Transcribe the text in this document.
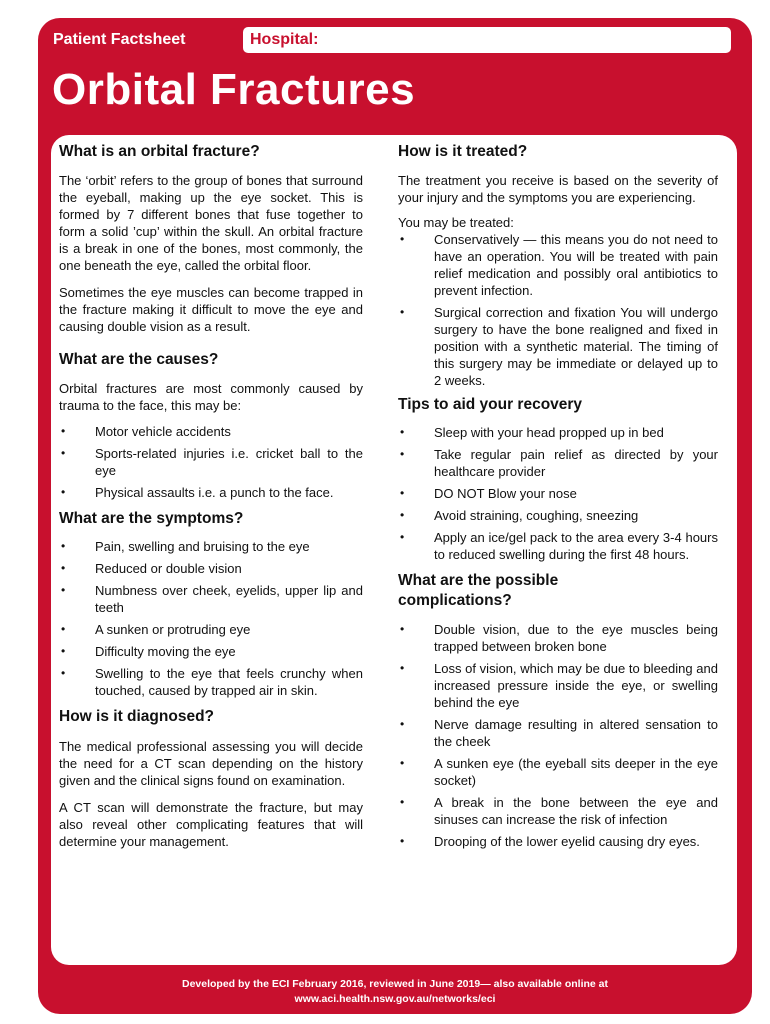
Patient Factsheet	Hospital:
Orbital Fractures
What is an orbital fracture?

The ‘orbit’ refers to the group of bones that surround the eyeball, making up the eye socket. This is formed by 7 different bones that fuse together to form a solid ’cup’ within the skull. An orbital fracture is a break in one of the bones, most commonly, the one beneath the eye, called the orbital floor.

Sometimes the eye muscles can become trapped in the fracture making it difficult to move the eye and causing double vision as a result.

What are the causes?

Orbital fractures are most commonly caused by trauma to the face, this may be:

• Motor vehicle accidents
• Sports-related injuries i.e. cricket ball to the eye
• Physical assaults i.e. a punch to the face.
What are the symptoms?
• Pain, swelling and bruising to the eye
• Reduced or double vision
• Numbness over cheek, eyelids, upper lip and teeth
• A sunken or protruding eye
• Difficulty moving the eye
• Swelling to the eye that feels crunchy when touched, caused by trapped air in skin.
How is it diagnosed?

The medical professional assessing you will decide the need for a CT scan depending on the history given and the clinical signs found on examination.

A CT scan will demonstrate the fracture, but may also reveal other complicating features that will determine your management.

How is it treated?

The treatment you receive is based on the severity of your injury and the symptoms you are experiencing.

You may be treated:

• Conservatively — this means you do not need to have an operation. You will be treated with pain relief medication and possibly oral antibiotics to prevent infection.
• Surgical correction and fixation You will undergo surgery to have the bone realigned and fixed in position with a synthetic material. The timing of this surgery may be immediate or delayed up to 2 weeks.
Tips to aid your recovery
• Sleep with your head propped up in bed
• Take regular pain relief as directed by your healthcare provider
• DO NOT Blow your nose
• Avoid straining, coughing, sneezing
• Apply an ice/gel pack to the area every 3-4 hours to reduced swelling during the first 48 hours.
What are the possible complications?
• Double vision, due to the eye muscles being trapped between broken bone
• Loss of vision, which may be due to bleeding and increased pressure inside the eye, or swelling behind the eye
• Nerve damage resulting in altered sensation to the cheek
• A sunken eye (the eyeball sits deeper in the eye socket)
• A break in the bone between the eye and sinuses can increase the risk of infection
• Drooping of the lower eyelid causing dry eyes.
Developed by the ECI February 2016, reviewed in June 2019— also available online at
www.aci.health.nsw.gov.au/networks/eci
